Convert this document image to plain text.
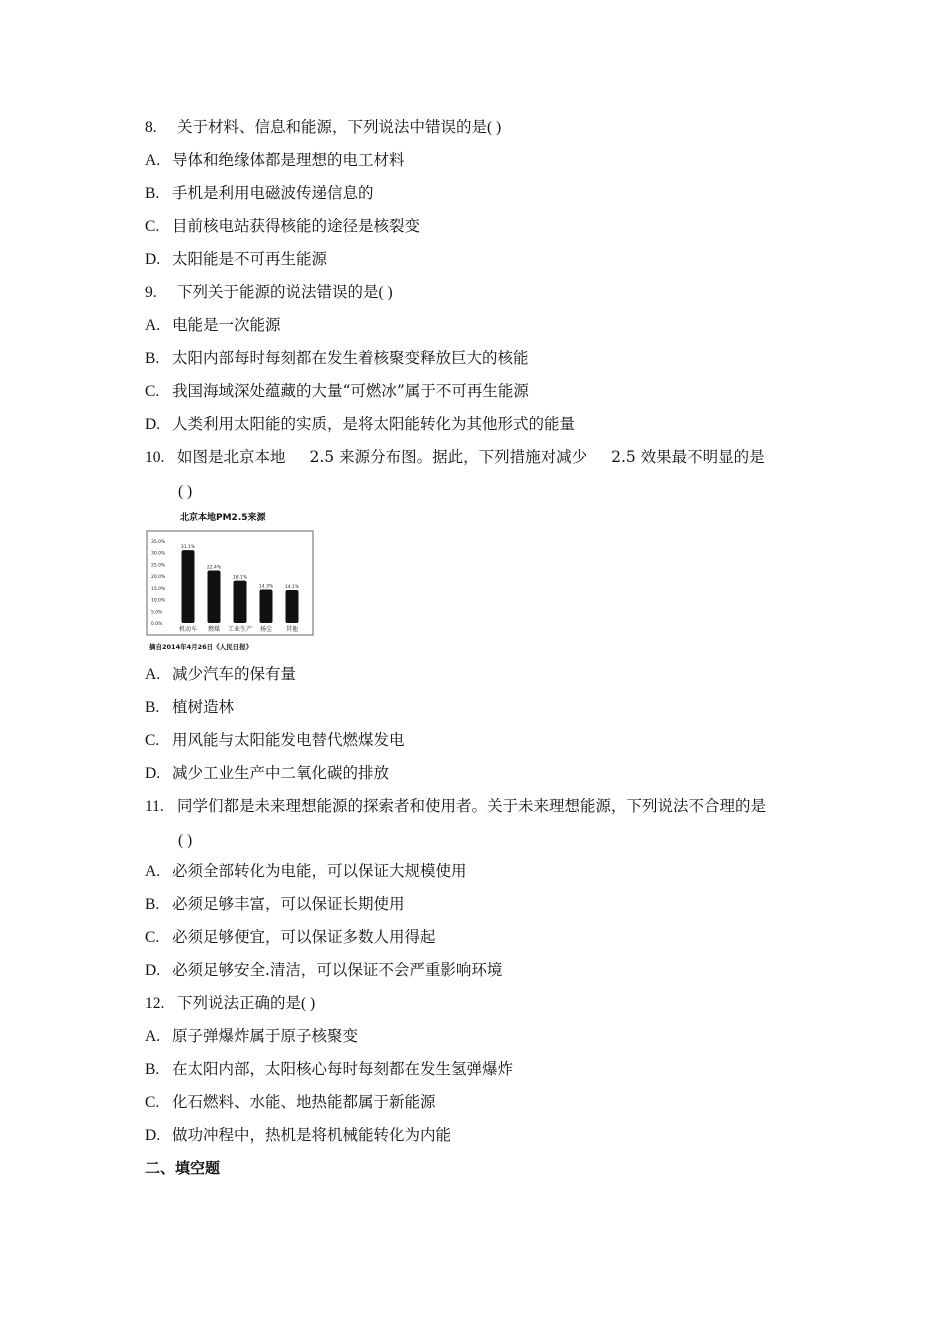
8. 关于材料、信息和能源，下列说法中错误的是( )
A. 导体和绝缘体都是理想的电工材料
B. 手机是利用电磁波传递信息的
C. 目前核电站获得核能的途径是核裂变
D. 太阳能是不可再生能源
9. 下列关于能源的说法错误的是( )
A. 电能是一次能源
B. 太阳内部每时每刻都在发生着核聚变释放巨大的核能
C. 我国海域深处蕴藏的大量“可燃冰”属于不可再生能源
D. 人类利用太阳能的实质，是将太阳能转化为其他形式的能量
10. 如图是北京本地 2.5 来源分布图。据此，下列措施对减少 2.5 效果最不明显的是
( )
北京本地PM2.5来源
0.0%
5.0%
10.0%
15.0%
20.0%
25.0%
30.0%
35.0%
31.1%
22.4%
18.1%
14.3%	14.1%
机动车 燃煤 工业生产 扬尘 其他
摘自2014年4月26日《人民日报》
A. 减少汽车的保有量
B. 植树造林
C. 用风能与太阳能发电替代燃煤发电
D. 减少工业生产中二氧化碳的排放
11. 同学们都是未来理想能源的探索者和使用者。关于未来理想能源，下列说法不合理的是
( )
A. 必须全部转化为电能，可以保证大规模使用
B. 必须足够丰富，可以保证长期使用
C. 必须足够便宜，可以保证多数人用得起
D. 必须足够安全.清洁，可以保证不会严重影响环境
12. 下列说法正确的是( )
A. 原子弹爆炸属于原子核聚变
B. 在太阳内部，太阳核心每时每刻都在发生氢弹爆炸
C. 化石燃料、水能、地热能都属于新能源
D. 做功冲程中，热机是将机械能转化为内能
二、填空题
